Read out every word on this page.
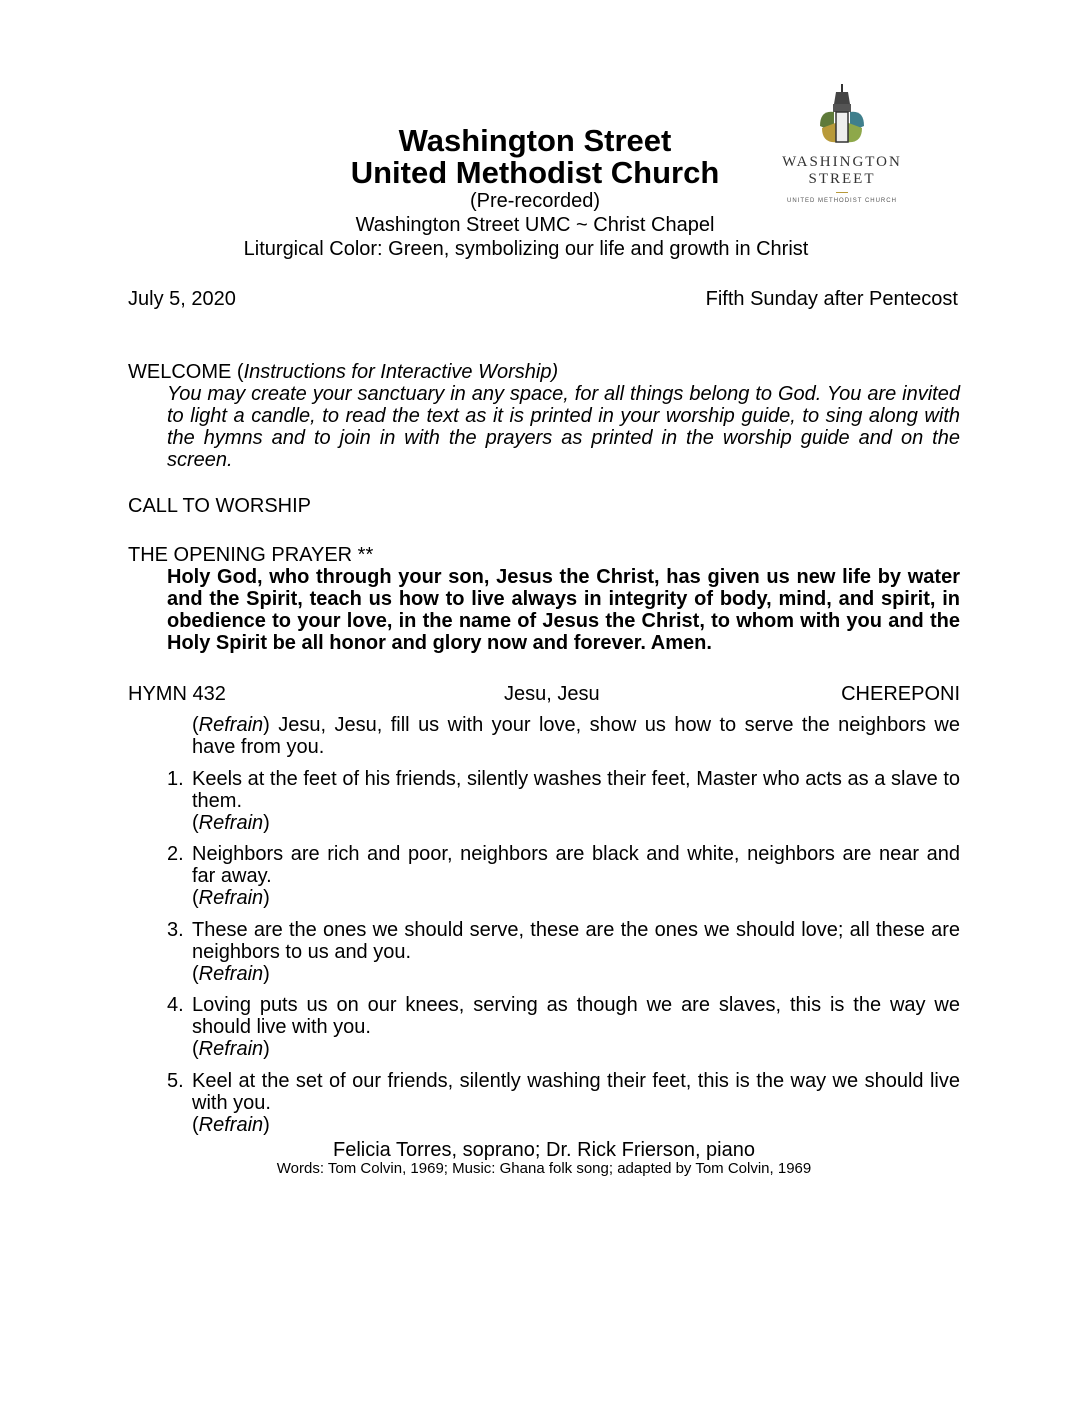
Washington Street
United Methodist Church
(Pre-recorded)
Washington Street UMC ~ Christ Chapel
Liturgical Color: Green, symbolizing our life and growth in Christ
WASHINGTON
STREET
UNITED METHODIST CHURCH
July 5, 2020	Fifth Sunday after Pentecost
WELCOME (Instructions for Interactive Worship)
You may create your sanctuary in any space, for all things belong to God. You are invited to light a candle, to read the text as it is printed in your worship guide, to sing along with the hymns and to join in with the prayers as printed in the worship guide and on the screen.
CALL TO WORSHIP
THE OPENING PRAYER **
Holy God, who through your son, Jesus the Christ, has given us new life by water and the Spirit, teach us how to live always in integrity of body, mind, and spirit, in obedience to your love, in the name of Jesus the Christ, to whom with you and the Holy Spirit be all honor and glory now and forever. Amen.
HYMN 432	Jesu, Jesu	CHEREPONI
(Refrain) Jesu, Jesu, fill us with your love, show us how to serve the neighbors we have from you.
1. Keels at the feet of his friends, silently washes their feet, Master who acts as a slave to them.
(Refrain)
2. Neighbors are rich and poor, neighbors are black and white, neighbors are near and far away.
(Refrain)
3. These are the ones we should serve, these are the ones we should love; all these are neighbors to us and you.
(Refrain)
4. Loving puts us on our knees, serving as though we are slaves, this is the way we should live with you.
(Refrain)
5. Keel at the set of our friends, silently washing their feet, this is the way we should live with you.
(Refrain)
Felicia Torres, soprano; Dr. Rick Frierson, piano
Words: Tom Colvin, 1969; Music: Ghana folk song; adapted by Tom Colvin, 1969
